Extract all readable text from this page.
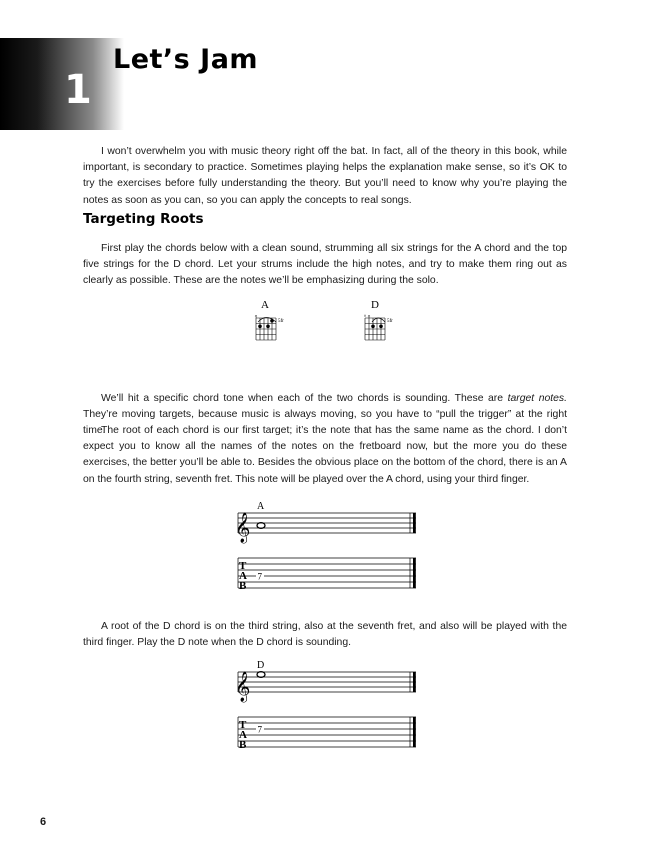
1
Let’s Jam

I won’t overwhelm you with music theory right off the bat. In fact, all of the theory in this book, while important, is secondary to practice. Sometimes playing helps the explanation make sense, so it’s OK to try the exercises before fully understanding the theory. But you’ll need to know why you’re playing the notes as soon as you can, so you can apply the concepts to real songs.

Targeting Roots

First play the chords below with a clean sound, strumming all six strings for the A chord and the top five strings for the D chord. Let your strums include the high notes, and try to make them ring out as clearly as possible. These are the notes we’ll be emphasizing during the solo.

A
o
5fr
D
× o
5fr

We’ll hit a specific chord tone when each of the two chords is sounding. These are target notes. They’re moving targets, because music is always moving, so you have to “pull the trigger” at the right time.

The root of each chord is our first target; it’s the note that has the same name as the chord. I don’t expect you to know all the names of the notes on the fretboard now, but the more you do these exercises, the better you’ll be able to. Besides the obvious place on the bottom of the chord, there is an A on the fourth string, seventh fret. This note will be played over the A chord, using your third finger.

A
𝄞
T
A
B
7

A root of the D chord is on the third string, also at the seventh fret, and also will be played with the third finger. Play the D note when the D chord is sounding.

D
𝄞
T
A
B
7
6
